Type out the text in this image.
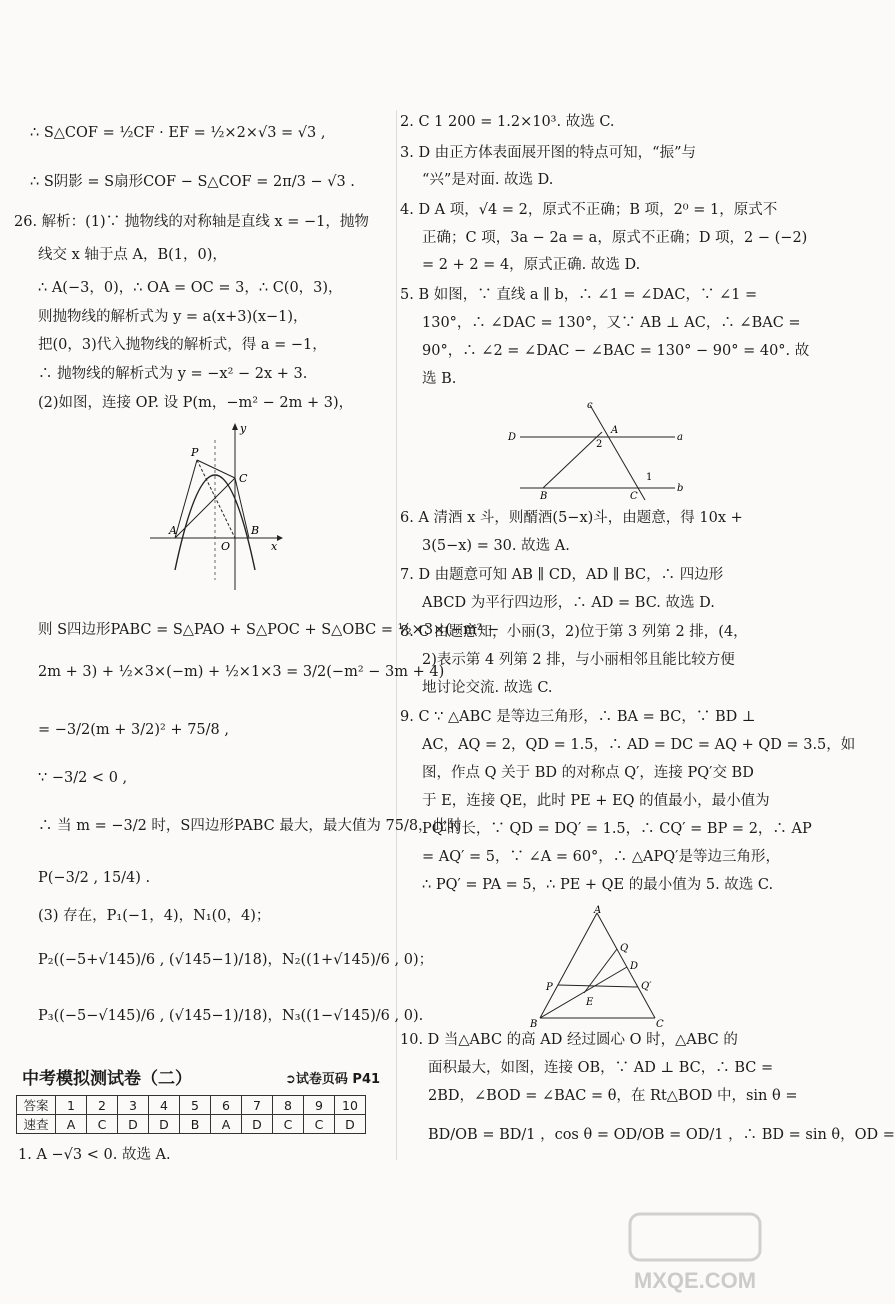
∴ S△COF = ½CF · EF = ½×2×√3 = √3 ,
∴ S阴影 = S扇形COF − S△COF = 2π/3 − √3 .
26. 解析：(1)∵ 抛物线的对称轴是直线 x = −1，抛物
线交 x 轴于点 A，B(1，0)，
∴ A(−3，0)，∴ OA = OC = 3，∴ C(0，3)，
则抛物线的解析式为 y = a(x+3)(x−1)，
把(0，3)代入抛物线的解析式，得 a = −1，
∴ 抛物线的解析式为 y = −x² − 2x + 3.
(2)如图，连接 OP. 设 P(m，−m² − 2m + 3)，
则 S四边形PABC = S△PAO + S△POC + S△OBC = ½×3×(−m² −
2m + 3) + ½×3×(−m) + ½×1×3 = 3/2(−m² − 3m + 4)
= −3/2(m + 3/2)² + 75/8 ,
∵ −3/2 < 0 ,
∴ 当 m = −3/2 时，S四边形PABC 最大，最大值为 75/8，此时
P(−3/2 , 15/4) .
(3) 存在，P₁(−1，4)，N₁(0，4)；
P₂((−5+√145)/6 , (√145−1)/18)，N₂((1+√145)/6 , 0)；
P₃((−5−√145)/6 , (√145−1)/18)，N₃((1−√145)/6 , 0).
2. C 1 200 = 1.2×10³. 故选 C.
3. D 由正方体表面展开图的特点可知，“振”与
“兴”是对面. 故选 D.
4. D A 项，√4 = 2，原式不正确；B 项，2⁰ = 1，原式不
正确；C 项，3a − 2a = a，原式不正确；D 项，2 − (−2)
= 2 + 2 = 4，原式正确. 故选 D.
5. B 如图，∵ 直线 a ∥ b，∴ ∠1 = ∠DAC，∵ ∠1 =
130°，∴ ∠DAC = 130°，又∵ AB ⊥ AC，∴ ∠BAC =
90°，∴ ∠2 = ∠DAC − ∠BAC = 130° − 90° = 40°. 故
选 B.
6. A 清酒 x 斗，则醑酒(5−x)斗，由题意，得 10x +
3(5−x) = 30. 故选 A.
7. D 由题意可知 AB ∥ CD，AD ∥ BC，∴ 四边形
ABCD 为平行四边形，∴ AD = BC. 故选 D.
8. C 由题意知，小丽(3，2)位于第 3 列第 2 排，(4，
2)表示第 4 列第 2 排，与小丽相邻且能比较方便
地讨论交流. 故选 C.
9. C ∵ △ABC 是等边三角形，∴ BA = BC，∵ BD ⊥
AC，AQ = 2，QD = 1.5，∴ AD = DC = AQ + QD = 3.5，如
图，作点 Q 关于 BD 的对称点 Q′，连接 PQ′交 BD
于 E，连接 QE，此时 PE + EQ 的值最小，最小值为
PQ′的长，∵ QD = DQ′ = 1.5，∴ CQ′ = BP = 2，∴ AP
= AQ′ = 5，∵ ∠A = 60°，∴ △APQ′是等边三角形，
∴ PQ′ = PA = 5，∴ PE + QE 的最小值为 5. 故选 C.
10. D 当△ABC 的高 AD 经过圆心 O 时，△ABC 的
面积最大，如图，连接 OB，∵ AD ⊥ BC，∴ BC =
2BD，∠BOD = ∠BAC = θ，在 Rt△BOD 中，sin θ =
BD/OB = BD/1 ，cos θ = OD/OB = OD/1 ，∴ BD = sin θ，OD =
y
x
P
C
A
O
B
c
D
A
a
2
1
B	C
b
A
Q
D
P
E
Q′
B	C
中考模拟测试卷（二）	➲试卷页码 P41
答案	1	2	3	4	5	6	7	8	9	10
速查	A	C	D	D	B	A	D	C	C	D
1. A −√3 < 0. 故选 A.
MXQE.COM
